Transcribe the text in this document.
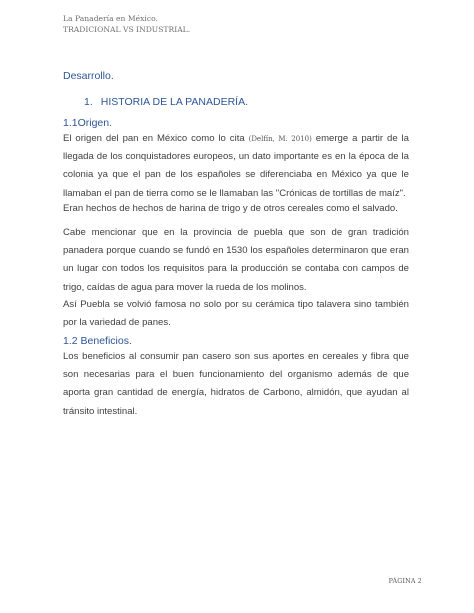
La Panadería en México.
TRADICIONAL VS INDUSTRIAL.
Desarrollo.
1. HISTORIA DE LA PANADERÍA.
1.1Origen.
El origen del pan en México como lo cita (Delfín, M. 2010) emerge a partir de la
llegada de los conquistadores europeos, un dato importante es en la época de la
colonia ya que el pan de los españoles se diferenciaba en México ya que le
llamaban el pan de tierra como se le llamaban las "Crónicas de tortillas de maíz".
Eran hechos de hechos de harina de trigo y de otros cereales como el salvado.
Cabe mencionar que en la provincia de puebla que son de gran tradición
panadera porque cuando se fundó en 1530 los españoles determinaron que eran
un lugar con todos los requisitos para la producción se contaba con campos de
trigo, caídas de agua para mover la rueda de los molinos.
Así Puebla se volvió famosa no solo por su cerámica tipo talavera sino también
por la variedad de panes.
1.2 Beneficios.
Los beneficios al consumir pan casero son sus aportes en cereales y fibra que
son necesarias para el buen funcionamiento del organismo además de que
aporta gran cantidad de energía, hidratos de Carbono, almidón, que ayudan al
tránsito intestinal.
PÁGINA 2
